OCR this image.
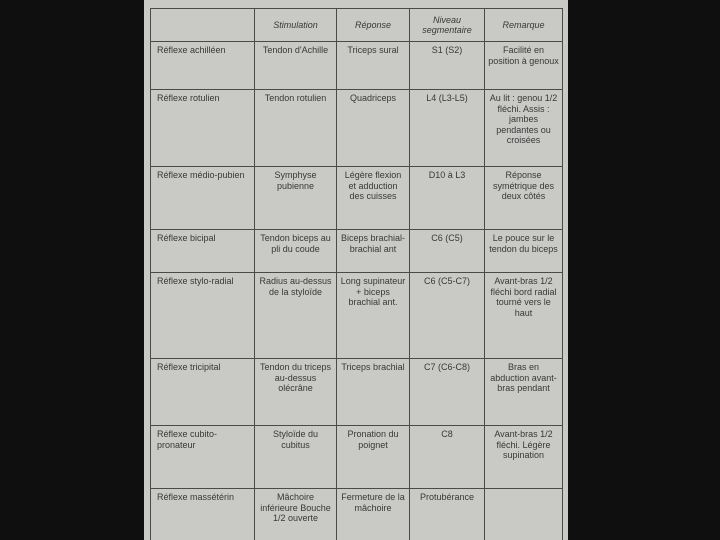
	Stimulation	Réponse	Niveau segmentaire	Remarque
Réflexe achilléen	Tendon d'Achille	Triceps sural	S1 (S2)	Facilité en position à genoux
Réflexe rotulien	Tendon rotulien	Quadriceps	L4 (L3-L5)	Au lit : genou 1/2 fléchi. Assis : jambes pendantes ou croisées
Réflexe médio-pubien	Symphyse pubienne	Légère flexion et adduction des cuisses	D10 à L3	Réponse symétrique des deux côtés
Réflexe bicipal	Tendon biceps au pli du coude	Biceps brachial-brachial ant	C6 (C5)	Le pouce sur le tendon du biceps
Réflexe stylo-radial	Radius au-dessus de la styloïde	Long supinateur + biceps brachial ant.	C6 (C5-C7)	Avant-bras 1/2 fléchi bord radial tourné vers le haut
Réflexe tricipital	Tendon du triceps au-dessus olécrâne	Triceps brachial	C7 (C6-C8)	Bras en abduction avant-bras pendant
Réflexe cubito-pronateur	Styloïde du cubitus	Pronation du poignet	C8	Avant-bras 1/2 fléchi. Légère supination
Réflexe massétérin	Mâchoire inférieure Bouche 1/2 ouverte	Fermeture de la mâchoire	Protubérance	
